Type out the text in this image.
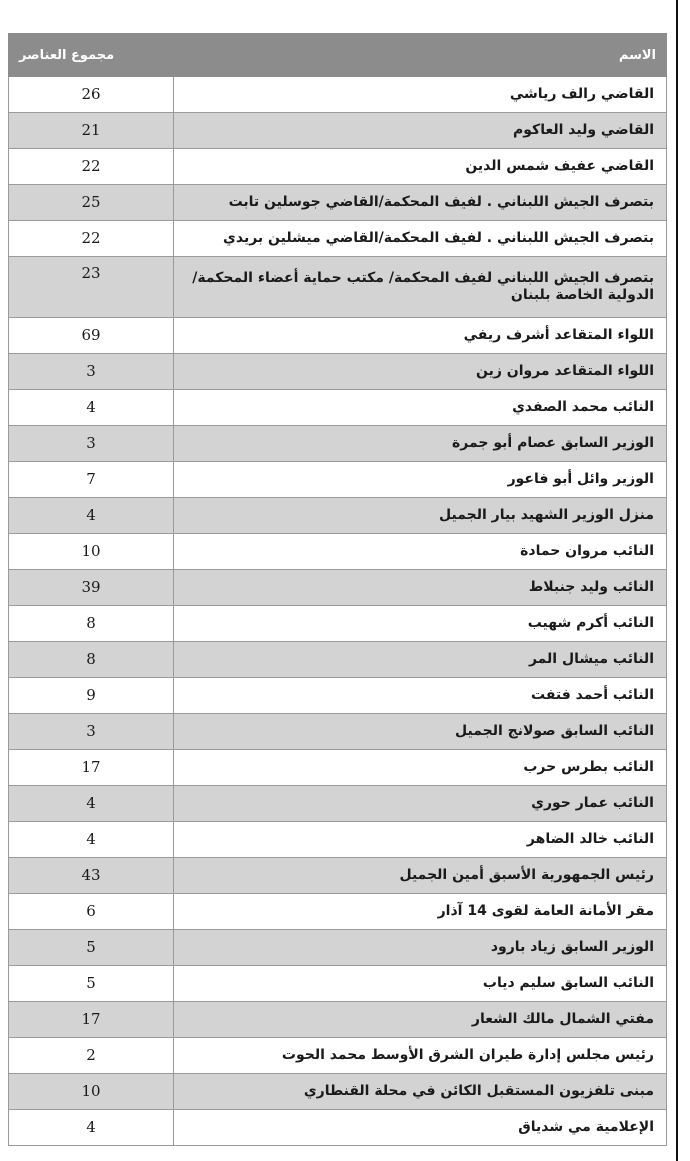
الاسم	مجموع العناصر
القاضي رالف رياشي	26
القاضي وليد العاكوم	21
القاضي عفيف شمس الدين	22
بتصرف الجيش اللبناني . لفيف المحكمة/القاضي جوسلين تابت	25
بتصرف الجيش اللبناني . لفيف المحكمة/القاضي ميشلين بريدي	22
بتصرف الجيش اللبناني لفيف المحكمة/ مكتب حماية أعضاء المحكمة/ الدولية الخاصة بلبنان	23
اللواء المتقاعد أشرف ريفي	69
اللواء المتقاعد مروان زين	3
النائب محمد الصفدي	4
الوزير السابق عصام أبو جمرة	3
الوزير وائل أبو فاعور	7
منزل الوزير الشهيد بيار الجميل	4
النائب مروان حمادة	10
النائب وليد جنبلاط	39
النائب أكرم شهيب	8
النائب ميشال المر	8
النائب أحمد فتفت	9
النائب السابق صولانج الجميل	3
النائب بطرس حرب	17
النائب عمار حوري	4
النائب خالد الضاهر	4
رئيس الجمهورية الأسبق أمين الجميل	43
مقر الأمانة العامة لقوى 14 آذار	6
الوزير السابق زياد بارود	5
النائب السابق سليم دياب	5
مفتي الشمال مالك الشعار	17
رئيس مجلس إدارة طيران الشرق الأوسط محمد الحوت	2
مبنى تلفزيون المستقبل الكائن في محلة القنطاري	10
الإعلامية مي شدياق	4
